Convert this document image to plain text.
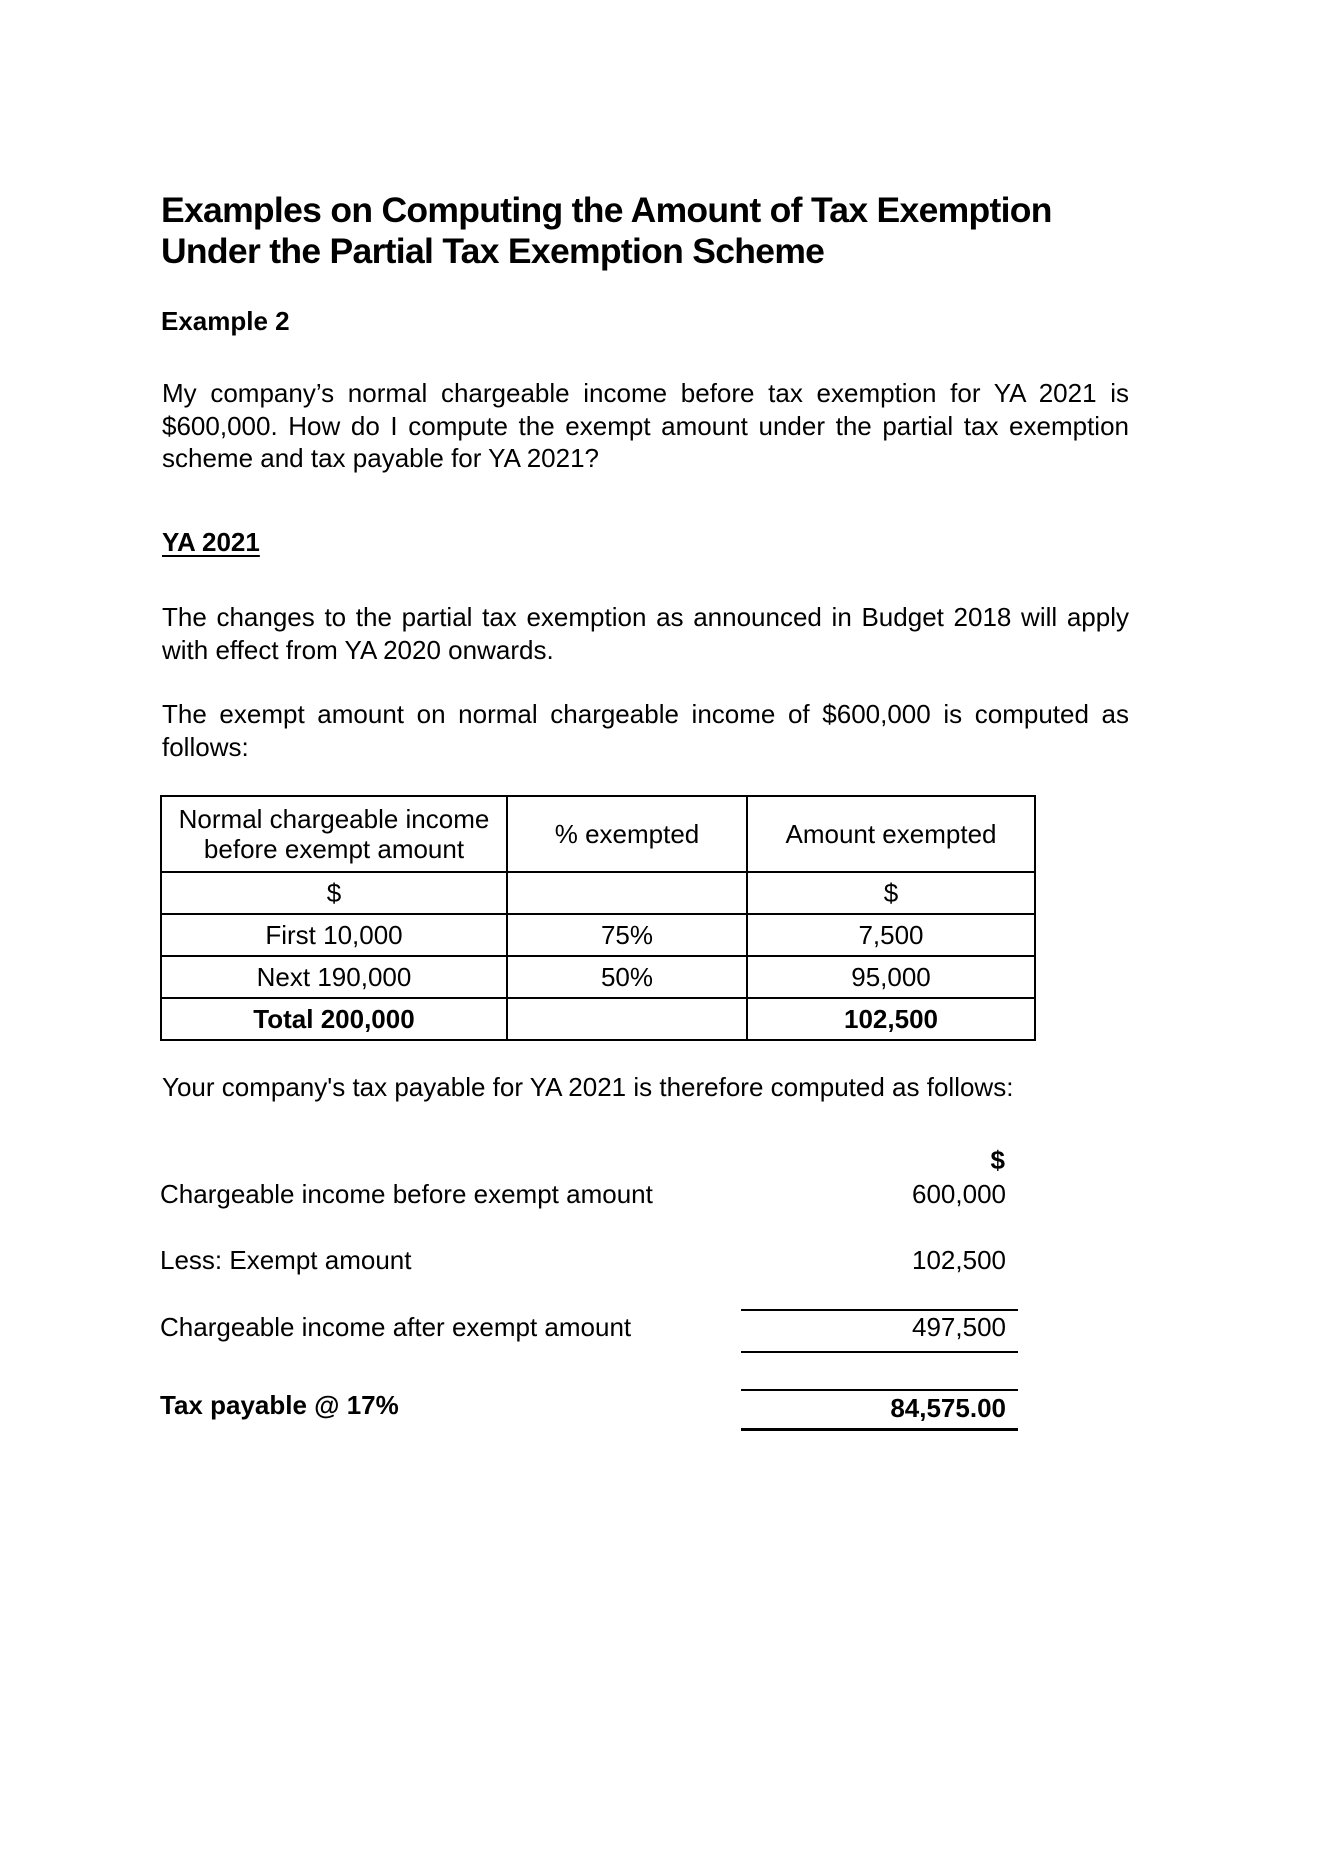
Examples on Computing the Amount of Tax Exemption
Under the Partial Tax Exemption Scheme
Example 2

My company’s normal chargeable income before tax exemption for YA 2021 is
$600,000. How do I compute the exempt amount under the partial tax exemption
scheme and tax payable for YA 2021?

YA 2021

The changes to the partial tax exemption as announced in Budget 2018 will apply
with effect from YA 2020 onwards.

The exempt amount on normal chargeable income of $600,000 is computed as
follows:

Normal chargeable income before exempt amount	% exempted	Amount exempted
$		$
First 10,000	75%	7,500
Next 190,000	50%	95,000
Total 200,000		102,500

Your company's tax payable for YA 2021 is therefore computed as follows:

$

Chargeable income before exempt amount	600,000

Less: Exempt amount	102,500

Chargeable income after exempt amount	497,500

Tax payable @ 17%	84,575.00
